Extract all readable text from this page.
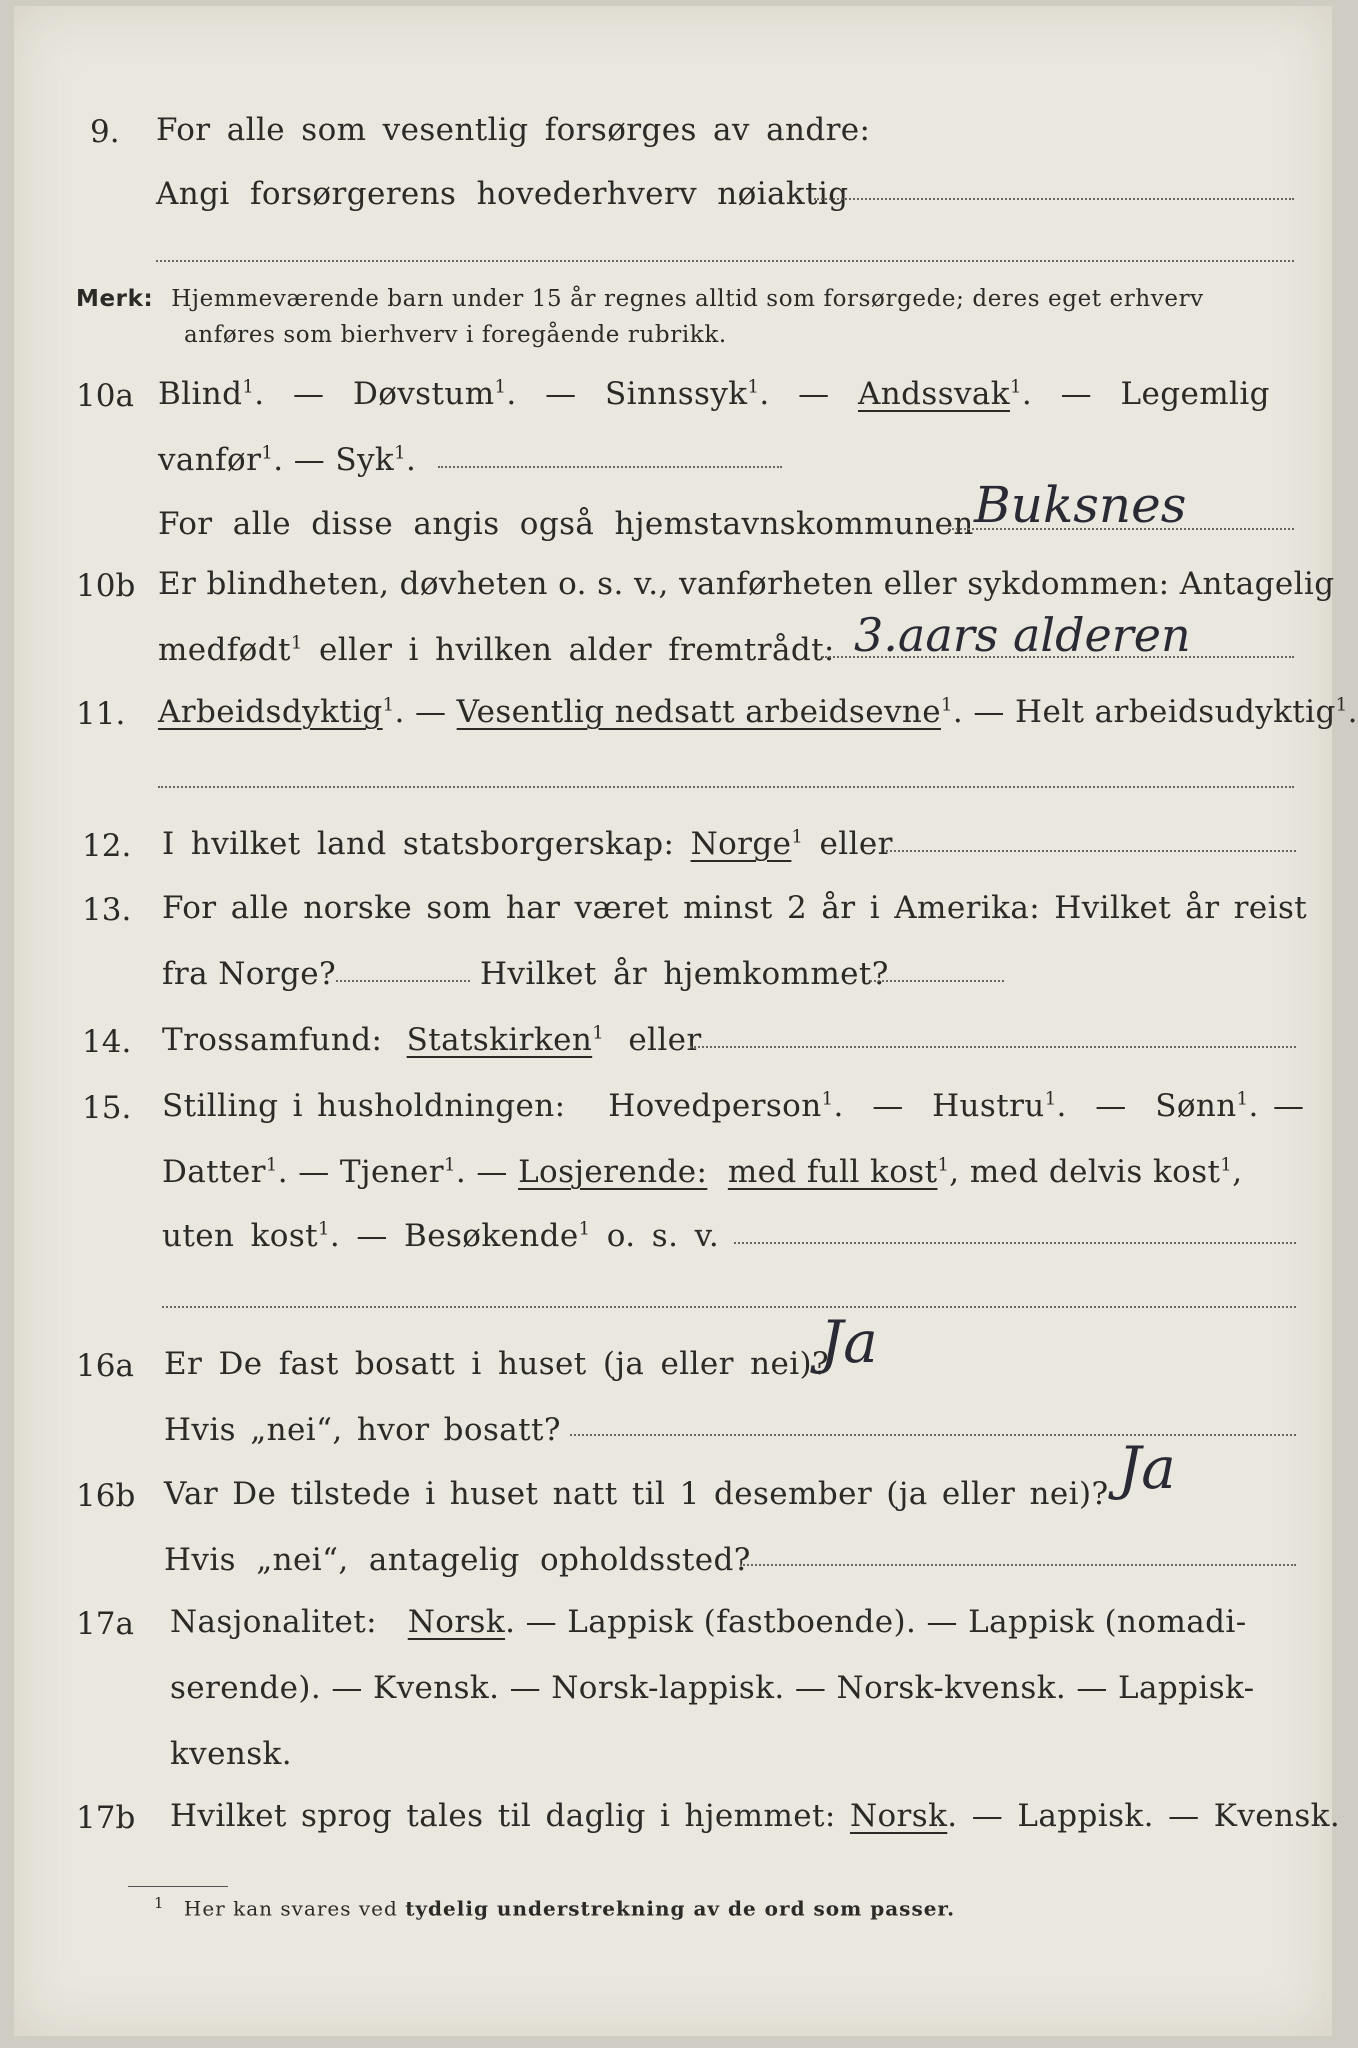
9. For alle som vesentlig forsørges av andre:
Angi forsørgerens hovederhverv nøiaktig
Merk: Hjemmeværende barn under 15 år regnes alltid som forsørgede; deres eget erhverv
anføres som bierhverv i foregående rubrikk.
10a Blind$^1$.  —  Døvstum$^1$.  —  Sinnssyk$^1$.  —  Andssvak$^1$.  —  Legemlig
vanfør$^1$. — Syk$^1$.
For alle disse angis også hjemstavnskommunen Buksnes
10b Er blindheten, døvheten o. s. v., vanførheten eller sykdommen: Antagelig
medfødt$^1$ eller i hvilken alder fremtrådt: 3.aars alderen
11. Arbeidsdyktig$^1$. — Vesentlig nedsatt arbeidsevne$^1$. — Helt arbeidsudyktig$^1$.
12. I hvilket land statsborgerskap: Norge$^1$ eller
13. For alle norske som har været minst 2 år i Amerika: Hvilket år reist
fra Norge?	Hvilket år hjemkommet?
14. Trossamfund: Statskirken$^1$ eller
15. Stilling i husholdningen: Hovedperson$^1$.  —  Hustru$^1$.  —  Sønn$^1$. —
Datter$^1$. — Tjener$^1$. — Losjerende: med full kost$^1$, med delvis kost$^1$,
uten kost$^1$. — Besøkende$^1$ o. s. v.
16a Er De fast bosatt i huset (ja eller nei)?
Ja
Hvis „nei“, hvor bosatt?
16b Var De tilstede i huset natt til 1 desember (ja eller nei)? Ja
Hvis „nei“, antagelig opholdssted?
17a Nasjonalitet: Norsk. — Lappisk (fastboende). — Lappisk (nomadi-
serende). — Kvensk. — Norsk-lappisk. — Norsk-kvensk. — Lappisk-
kvensk.
17b Hvilket sprog tales til daglig i hjemmet: Norsk. — Lappisk. — Kvensk.
$^1$ Her kan svares ved tydelig understrekning av de ord som passer.
